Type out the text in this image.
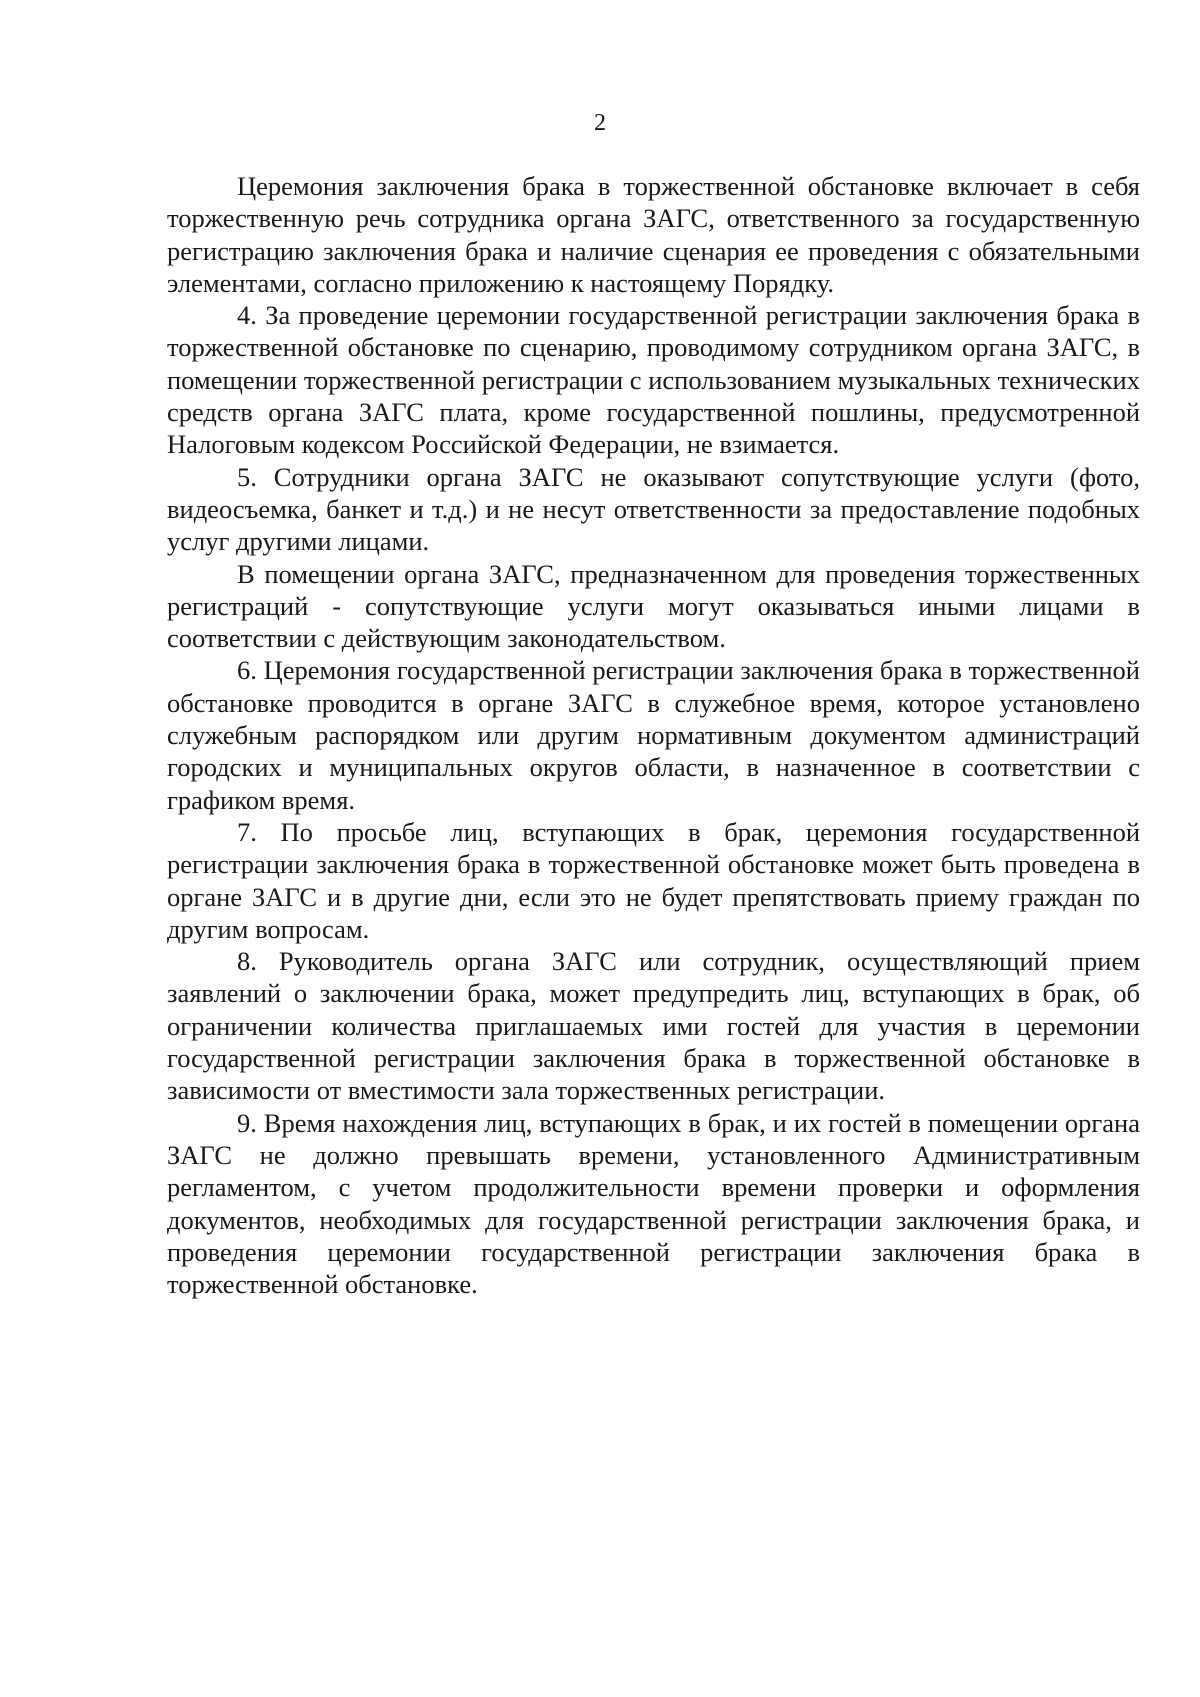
2

Церемония заключения брака в торжественной обстановке включает в себя торжественную речь сотрудника органа ЗАГС, ответственного за государственную регистрацию заключения брака и наличие сценария ее проведения с обязательными элементами, согласно приложению к настоящему Порядку.

4. За проведение церемонии государственной регистрации заключения брака в торжественной обстановке по сценарию, проводимому сотрудником органа ЗАГС, в помещении торжественной регистрации с использованием музыкальных технических средств органа ЗАГС плата, кроме государственной пошлины, предусмотренной Налоговым кодексом Российской Федерации, не взимается.

5. Сотрудники органа ЗАГС не оказывают сопутствующие услуги (фото, видеосъемка, банкет и т.д.) и не несут ответственности за предоставление подобных услуг другими лицами.

В помещении органа ЗАГС, предназначенном для проведения торжественных регистраций - сопутствующие услуги могут оказываться иными лицами в соответствии с действующим законодательством.

6. Церемония государственной регистрации заключения брака в торжественной обстановке проводится в органе ЗАГС в служебное время, которое установлено служебным распорядком или другим нормативным документом администраций городских и муниципальных округов области, в назначенное в соответствии с графиком время.

7. По просьбе лиц, вступающих в брак, церемония государственной регистрации заключения брака в торжественной обстановке может быть проведена в органе ЗАГС и в другие дни, если это не будет препятствовать приему граждан по другим вопросам.

8. Руководитель органа ЗАГС или сотрудник, осуществляющий прием заявлений о заключении брака, может предупредить лиц, вступающих в брак, об ограничении количества приглашаемых ими гостей для участия в церемонии государственной регистрации заключения брака в торжественной обстановке в зависимости от вместимости зала торжественных регистрации.

9. Время нахождения лиц, вступающих в брак, и их гостей в помещении органа ЗАГС не должно превышать времени, установленного Административным регламентом, с учетом продолжительности времени проверки и оформления документов, необходимых для государственной регистрации заключения брака, и проведения церемонии государственной регистрации заключения брака в торжественной обстановке.
